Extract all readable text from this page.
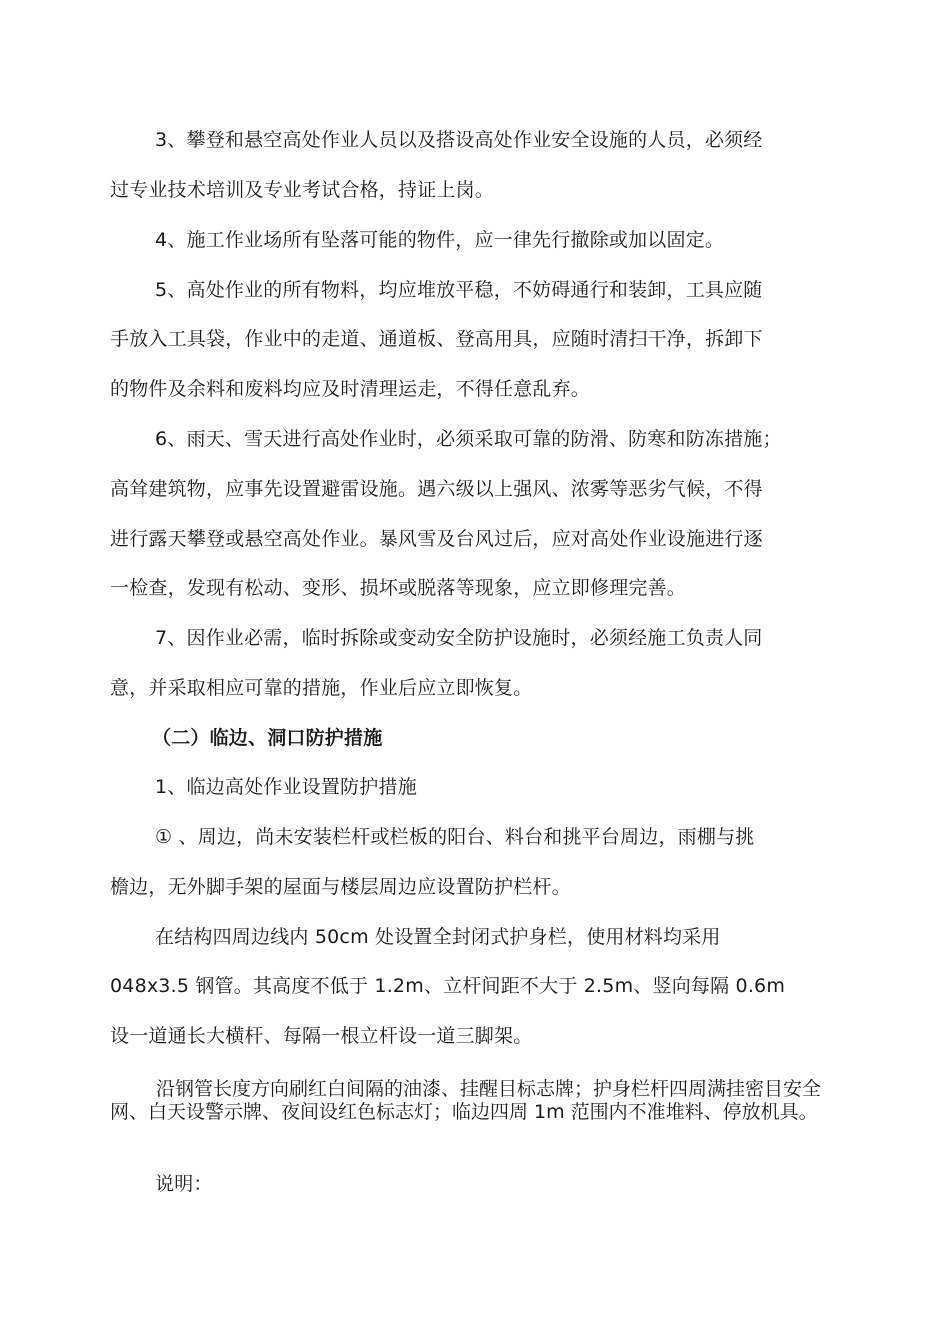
3、攀登和悬空高处作业人员以及搭设高处作业安全设施的人员，必须经
过专业技术培训及专业考试合格，持证上岗。
4、施工作业场所有坠落可能的物件，应一律先行撤除或加以固定。
5、高处作业的所有物料，均应堆放平稳，不妨碍通行和装卸，工具应随
手放入工具袋，作业中的走道、通道板、登高用具，应随时清扫干净，拆卸下
的物件及余料和废料均应及时清理运走，不得任意乱弃。
6、雨天、雪天进行高处作业时，必须采取可靠的防滑、防寒和防冻措施；
高耸建筑物，应事先设置避雷设施。遇六级以上强风、浓雾等恶劣气候，不得
进行露天攀登或悬空高处作业。暴风雪及台风过后，应对高处作业设施进行逐
一检查，发现有松动、变形、损坏或脱落等现象，应立即修理完善。
7、因作业必需，临时拆除或变动安全防护设施时，必须经施工负责人同
意，并采取相应可靠的措施，作业后应立即恢复。
（二）临边、洞口防护措施
1、临边高处作业设置防护措施
① 、周边，尚未安装栏杆或栏板的阳台、料台和挑平台周边，雨棚与挑
檐边，无外脚手架的屋面与楼层周边应设置防护栏杆。
在结构四周边线内 50cm 处设置全封闭式护身栏，使用材料均采用
048x3.5 钢管。其高度不低于 1.2m、立杆间距不大于 2.5m、竖向每隔 0.6m
设一道通长大横杆、每隔一根立杆设一道三脚架。
沿钢管长度方向刷红白间隔的油漆、挂醒目标志牌；护身栏杆四周满挂密目安全网、白天设警示牌、夜间设红色标志灯；临边四周 1m 范围内不准堆料、停放机具。
说明：
